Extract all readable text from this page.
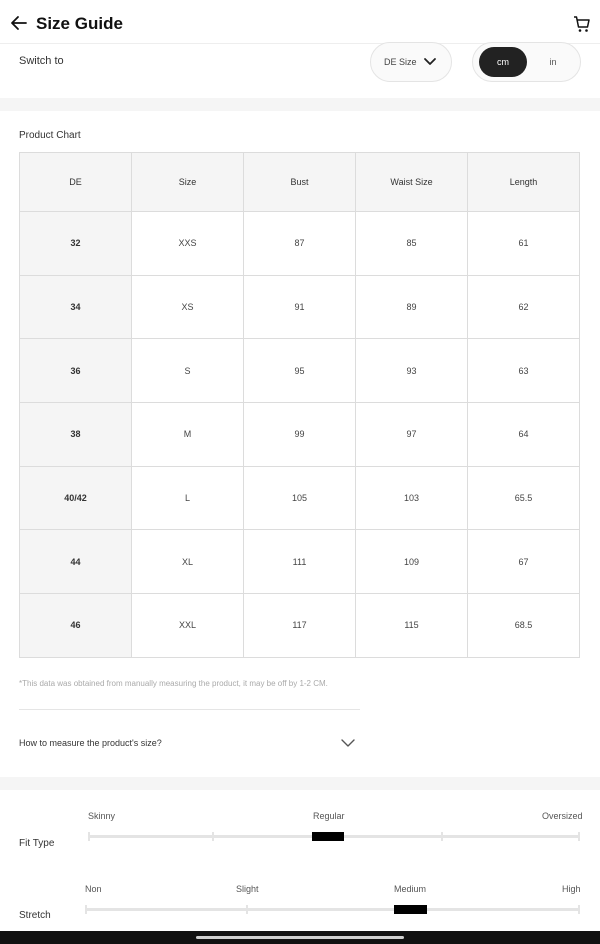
Size Guide
Switch to	DE Size	cm	in
Product Chart
DE	Size	Bust	Waist Size	Length
32	XXS	87	85	61
34	XS	91	89	62
36	S	95	93	63
38	M	99	97	64
40/42	L	105	103	65.5
44	XL	111	109	67
46	XXL	117	115	68.5
*This data was obtained from manually measuring the product, it may be off by 1-2 CM.
How to measure the product's size?
Skinny	Regular	Oversized
Fit Type
Non	Slight	Medium	High
Stretch
